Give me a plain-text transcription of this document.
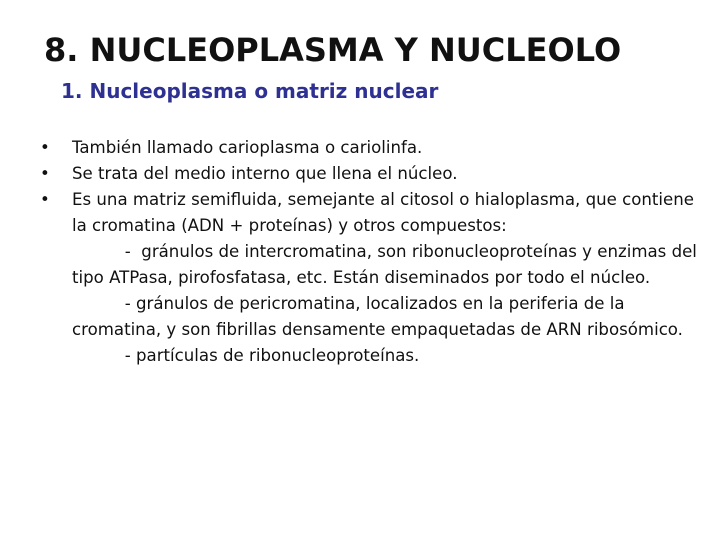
8. NUCLEOPLASMA Y NUCLEOLO
1. Nucleoplasma o matriz nuclear
•	También llamado carioplasma o cariolinfa.
•	Se trata del medio interno que llena el núcleo.
•	Es una matriz semifluida, semejante al citosol o hialoplasma, que contiene la cromatina (ADN + proteínas) y otros compuestos:
-  gránulos de intercromatina, son ribonucleoproteínas y enzimas del tipo ATPasa, pirofosfatasa, etc. Están diseminados por todo el núcleo.
- gránulos de pericromatina, localizados en la periferia de la cromatina, y son fibrillas densamente empaquetadas de ARN ribosómico.
- partículas de ribonucleoproteínas.
